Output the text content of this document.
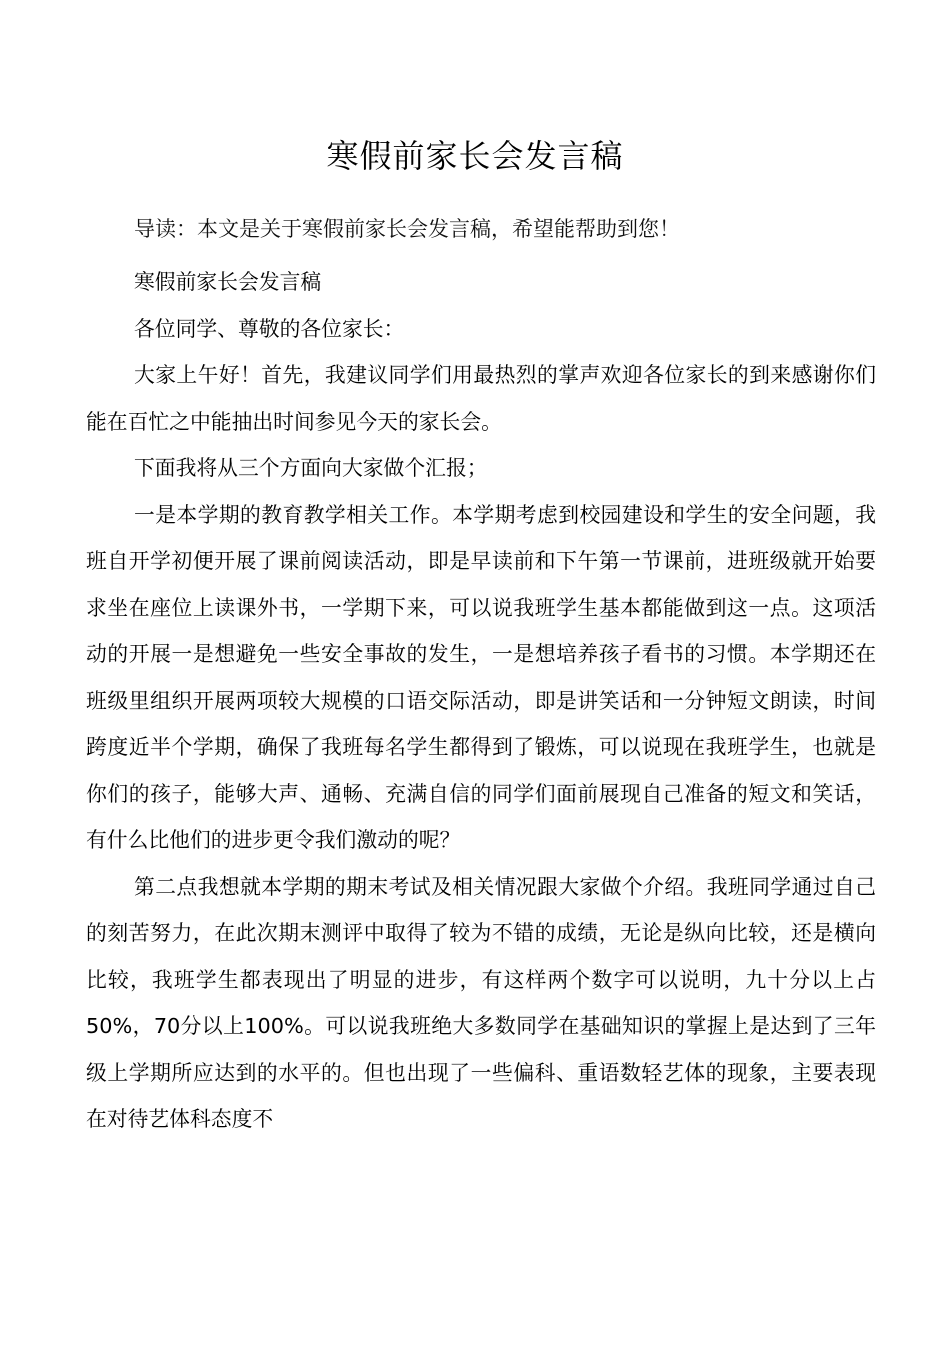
寒假前家长会发言稿
导读：本文是关于寒假前家长会发言稿，希望能帮助到您！

寒假前家长会发言稿

各位同学、尊敬的各位家长：

大家上午好！首先，我建议同学们用最热烈的掌声欢迎各位家长的到来感谢你们能在百忙之中能抽出时间参见今天的家长会。

下面我将从三个方面向大家做个汇报；

一是本学期的教育教学相关工作。本学期考虑到校园建设和学生的安全问题，我班自开学初便开展了课前阅读活动，即是早读前和下午第一节课前，进班级就开始要求坐在座位上读课外书，一学期下来，可以说我班学生基本都能做到这一点。这项活动的开展一是想避免一些安全事故的发生，一是想培养孩子看书的习惯。本学期还在班级里组织开展两项较大规模的口语交际活动，即是讲笑话和一分钟短文朗读，时间跨度近半个学期，确保了我班每名学生都得到了锻炼，可以说现在我班学生，也就是你们的孩子，能够大声、通畅、充满自信的同学们面前展现自己准备的短文和笑话，有什么比他们的进步更令我们激动的呢？

第二点我想就本学期的期末考试及相关情况跟大家做个介绍。我班同学通过自己的刻苦努力，在此次期末测评中取得了较为不错的成绩，无论是纵向比较，还是横向比较，我班学生都表现出了明显的进步，有这样两个数字可以说明，九十分以上占50%，70分以上100%。可以说我班绝大多数同学在基础知识的掌握上是达到了三年级上学期所应达到的水平的。但也出现了一些偏科、重语数轻艺体的现象，主要表现在对待艺体科态度不
